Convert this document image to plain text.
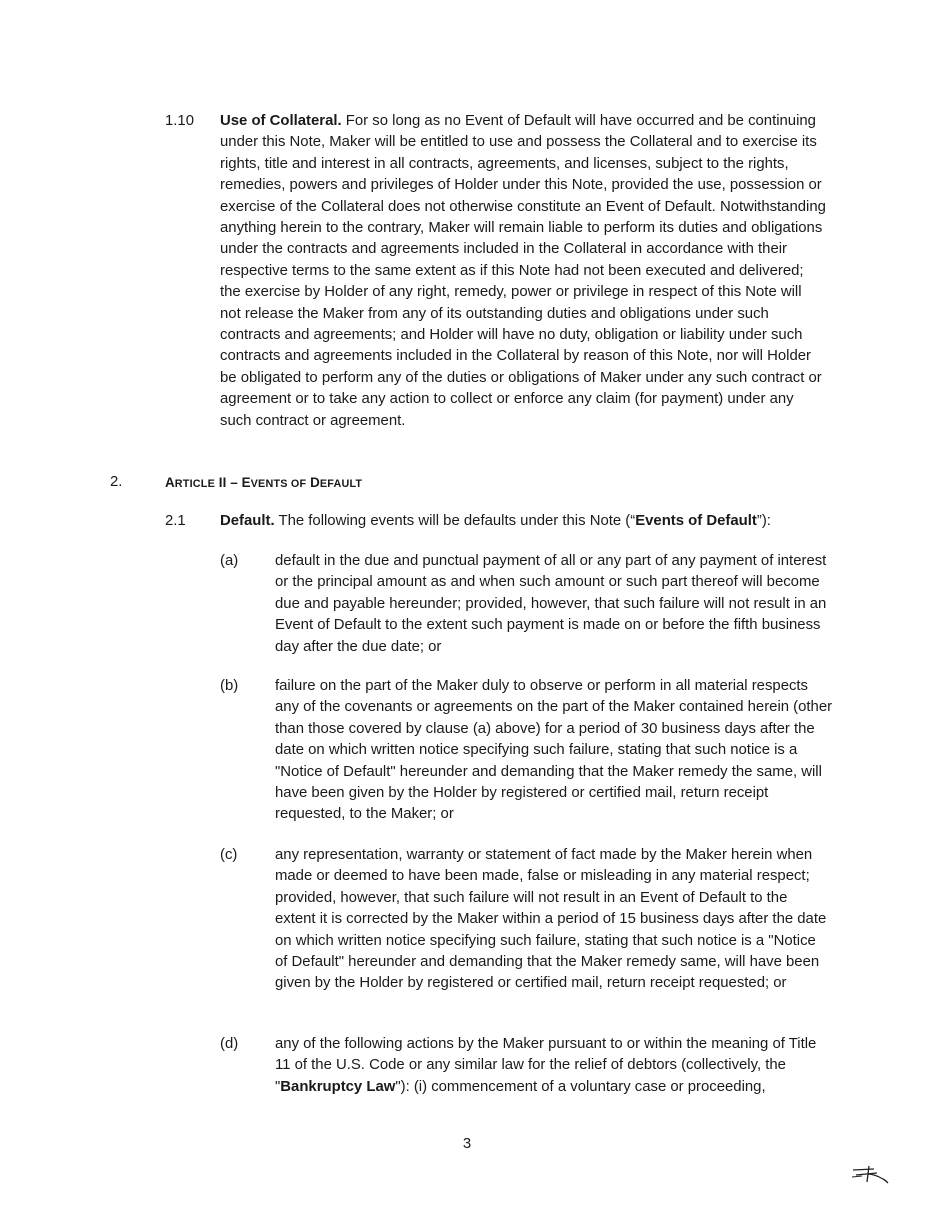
1.10 Use of Collateral. For so long as no Event of Default will have occurred and be continuing under this Note, Maker will be entitled to use and possess the Collateral and to exercise its rights, title and interest in all contracts, agreements, and licenses, subject to the rights, remedies, powers and privileges of Holder under this Note, provided the use, possession or exercise of the Collateral does not otherwise constitute an Event of Default. Notwithstanding anything herein to the contrary, Maker will remain liable to perform its duties and obligations under the contracts and agreements included in the Collateral in accordance with their respective terms to the same extent as if this Note had not been executed and delivered; the exercise by Holder of any right, remedy, power or privilege in respect of this Note will not release the Maker from any of its outstanding duties and obligations under such contracts and agreements; and Holder will have no duty, obligation or liability under such contracts and agreements included in the Collateral by reason of this Note, nor will Holder be obligated to perform any of the duties or obligations of Maker under any such contract or agreement or to take any action to collect or enforce any claim (for payment) under any such contract or agreement.

2.	ARTICLE II – EVENTS OF DEFAULT
2.1 Default. The following events will be defaults under this Note (“Events of Default”):

(a) default in the due and punctual payment of all or any part of any payment of interest or the principal amount as and when such amount or such part thereof will become due and payable hereunder; provided, however, that such failure will not result in an Event of Default to the extent such payment is made on or before the fifth business day after the due date; or

(b) failure on the part of the Maker duly to observe or perform in all material respects any of the covenants or agreements on the part of the Maker contained herein (other than those covered by clause (a) above) for a period of 30 business days after the date on which written notice specifying such failure, stating that such notice is a "Notice of Default" hereunder and demanding that the Maker remedy the same, will have been given by the Holder by registered or certified mail, return receipt requested, to the Maker; or

(c)	any representation, warranty or statement of fact made by the Maker herein when made or deemed to have been made, false or misleading in any material respect; provided, however, that such failure will not result in an Event of Default to the extent it is corrected by the Maker within a period of 15 business days after the date on which written notice specifying such failure, stating that such notice is a "Notice of Default" hereunder and demanding that the Maker remedy same, will have been given by the Holder by registered or certified mail, return receipt requested; or

(d) any of the following actions by the Maker pursuant to or within the meaning of Title 11 of the U.S. Code or any similar law for the relief of debtors (collectively, the "Bankruptcy Law"): (i) commencement of a voluntary case or proceeding,

3
